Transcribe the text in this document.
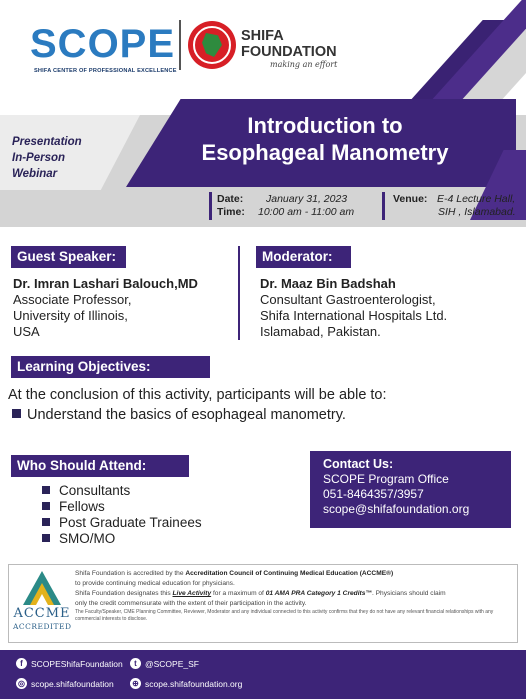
SCOPE
SHIFA CENTER OF PROFESSIONAL EXCELLENCE
SHIFA
FOUNDATION
making an effort
Presentation
In-Person
Webinar
Introduction to
Esophageal Manometry
Date: January 31, 2023
Time: 10:00 am - 11:00 am
Venue: E-4 Lecture Hall,
SIH , Islamabad.
Guest Speaker:
Dr. Imran Lashari Balouch,MD
Associate Professor,
University of Illinois,
USA
Moderator:
Dr. Maaz Bin Badshah
Consultant Gastroenterologist,
Shifa International Hospitals Ltd.
Islamabad, Pakistan.
Learning Objectives:
At the conclusion of this activity, participants will be able to:
Understand the basics of esophageal manometry.
Who Should Attend:
Consultants
Fellows
Post Graduate Trainees
SMO/MO
Contact Us:
SCOPE Program Office
051-8464357/3957
scope@shifafoundation.org
ACCME
ACCREDITED
Shifa Foundation is accredited by the Accreditation Council of Continuing Medical Education (ACCME®)
to provide continuing medical education for physicians.
Shifa Foundation designates this Live Activity for a maximum of 01 AMA PRA Category 1 Credits™. Physicians should claim
only the credit commensurate with the extent of their participation in the activity.
The Faculty/Speaker, CME Planning Committee, Reviewer, Moderator and any individual connected to this activity confirms that they do not have any relevant financial relationships with any commercial interests to disclose.
f SCOPEShifaFoundation	t @SCOPE_SF
◎ scope.shifafoundation ⊕ scope.shifafoundation.org
